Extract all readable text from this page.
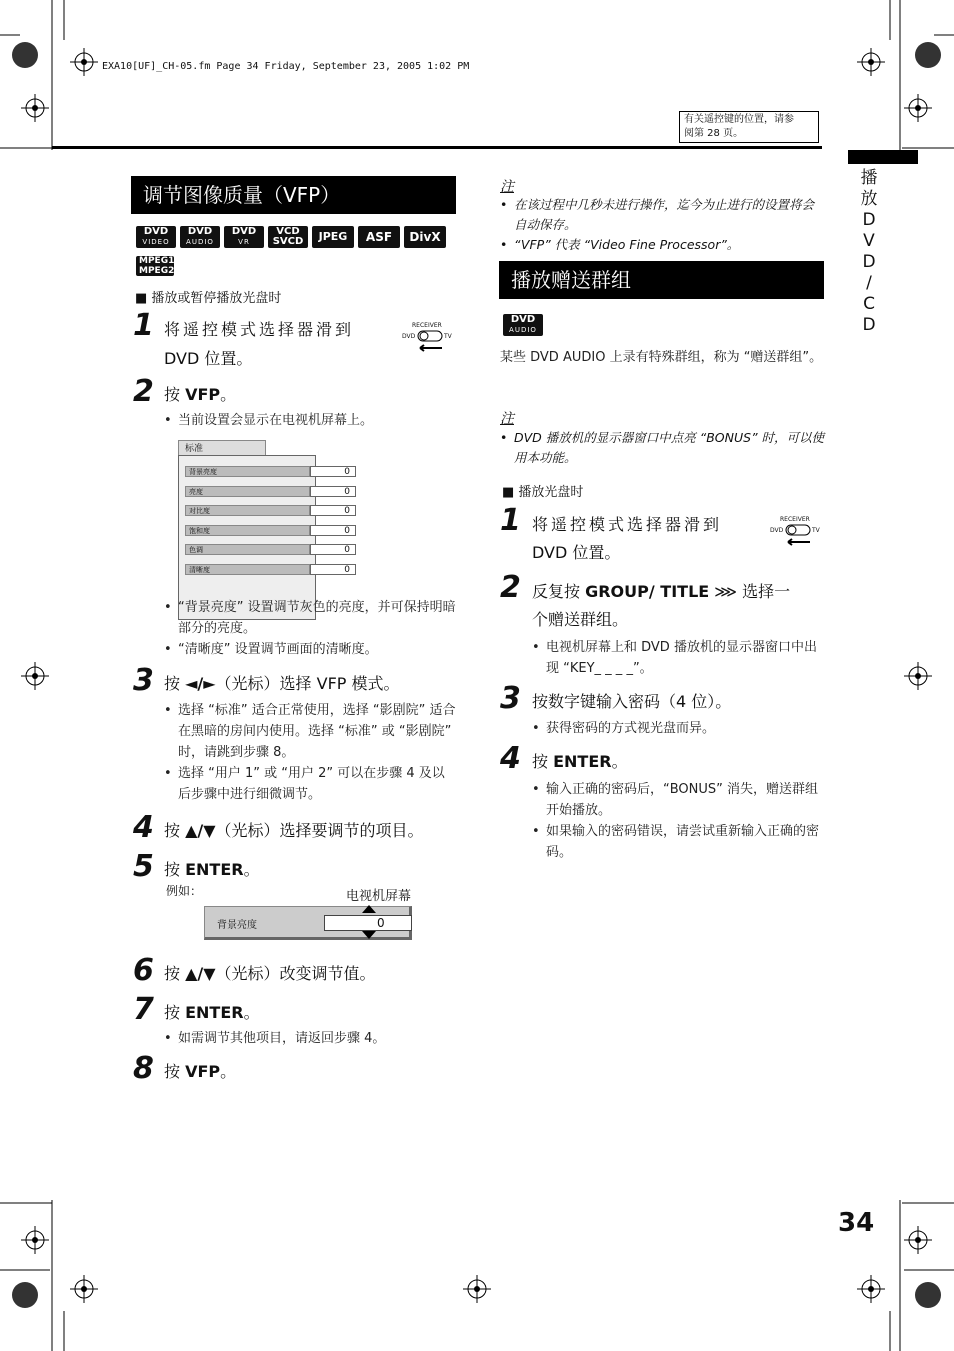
EXA10[UF]_CH-05.fm Page 34 Friday, September 23, 2005 1:02 PM
有关遥控键的位置，请参
阅第 28 页。
播
放
D
V
D
/
C
D
34
调节图像质量（VFP）
DVD
VIDEO
DVD
AUDIO
DVD
VR
VCD
SVCD	JPEG	ASF	DivX
MPEG1
MPEG2
■ 播放或暂停播放光盘时
1 将遥控模式选择器滑到
DVD 位置。
RECEIVER
DVD	TV
2 按 VFP。
• 当前设置会显示在电视机屏幕上。
标准
背景亮度	0
亮度	0
对比度	0
饱和度	0
色调	0
清晰度	0
• “背景亮度” 设置调节灰色的亮度，并可保持明暗部分的亮度。
• “清晰度” 设置调节画面的清晰度。
3 按 ◄/►（光标）选择 VFP 模式。
• 选择 “标准” 适合正常使用，选择 “影剧院” 适合在黑暗的房间内使用。选择 “标准” 或 “影剧院” 时，请跳到步骤 8。
• 选择 “用户 1” 或 “用户 2” 可以在步骤 4 及以后步骤中进行细微调节。
4 按 ▲/▼（光标）选择要调节的项目。
5 按 ENTER。
例如：	电视机屏幕
背景亮度	0
6 按 ▲/▼（光标）改变调节值。
7 按 ENTER。
• 如需调节其他项目，请返回步骤 4。
8 按 VFP。
注
• 在该过程中几秒未进行操作，迄今为止进行的设置将会自动保存。
• “VFP” 代表 “Video Fine Processor”。
播放赠送群组
DVD
AUDIO
某些 DVD AUDIO 上录有特殊群组，称为 “赠送群组”。
注
• DVD 播放机的显示器窗口中点亮 “BONUS” 时，可以使用本功能。
■ 播放光盘时
1 将遥控模式选择器滑到
DVD 位置。
RECEIVER
DVD	TV
2 反复按 GROUP/ TITLE ⋙ 选择一
个赠送群组。
• 电视机屏幕上和 DVD 播放机的显示器窗口中出现 “KEY_ _ _ _”。
3 按数字键输入密码（4 位）。
• 获得密码的方式视光盘而异。
4 按 ENTER。
• 输入正确的密码后，“BONUS” 消失，赠送群组开始播放。
• 如果输入的密码错误，请尝试重新输入正确的密码。
